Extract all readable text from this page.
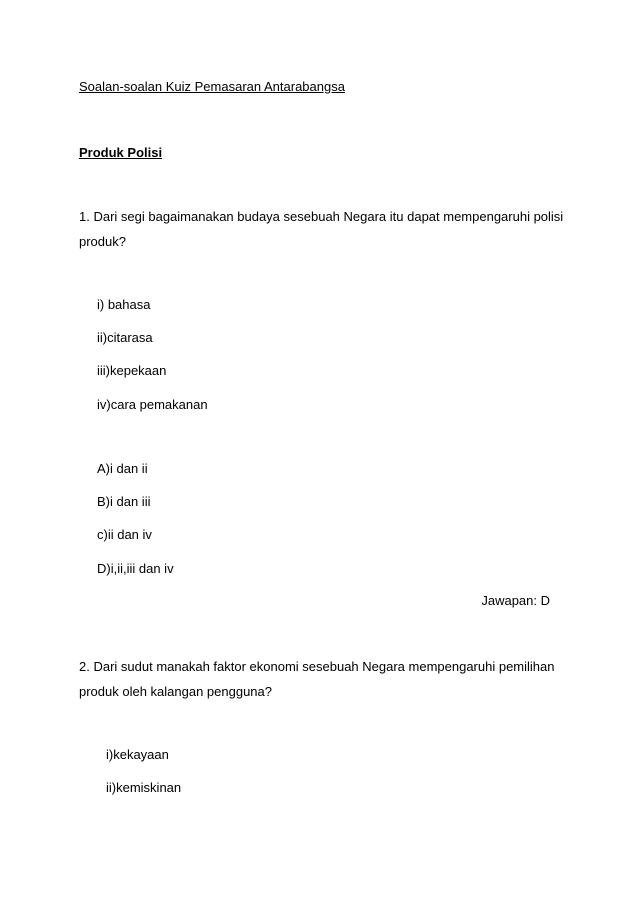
Soalan-soalan Kuiz Pemasaran Antarabangsa
Produk Polisi
1. Dari segi bagaimanakan budaya sesebuah Negara itu dapat mempengaruhi polisi
produk?
i) bahasa
ii)citarasa
iii)kepekaan
iv)cara pemakanan
A)i dan ii
B)i dan iii
c)ii dan iv
D)i,ii,iii dan iv
Jawapan: D
2. Dari sudut manakah faktor ekonomi sesebuah Negara mempengaruhi pemilihan
produk oleh kalangan pengguna?
i)kekayaan
ii)kemiskinan
